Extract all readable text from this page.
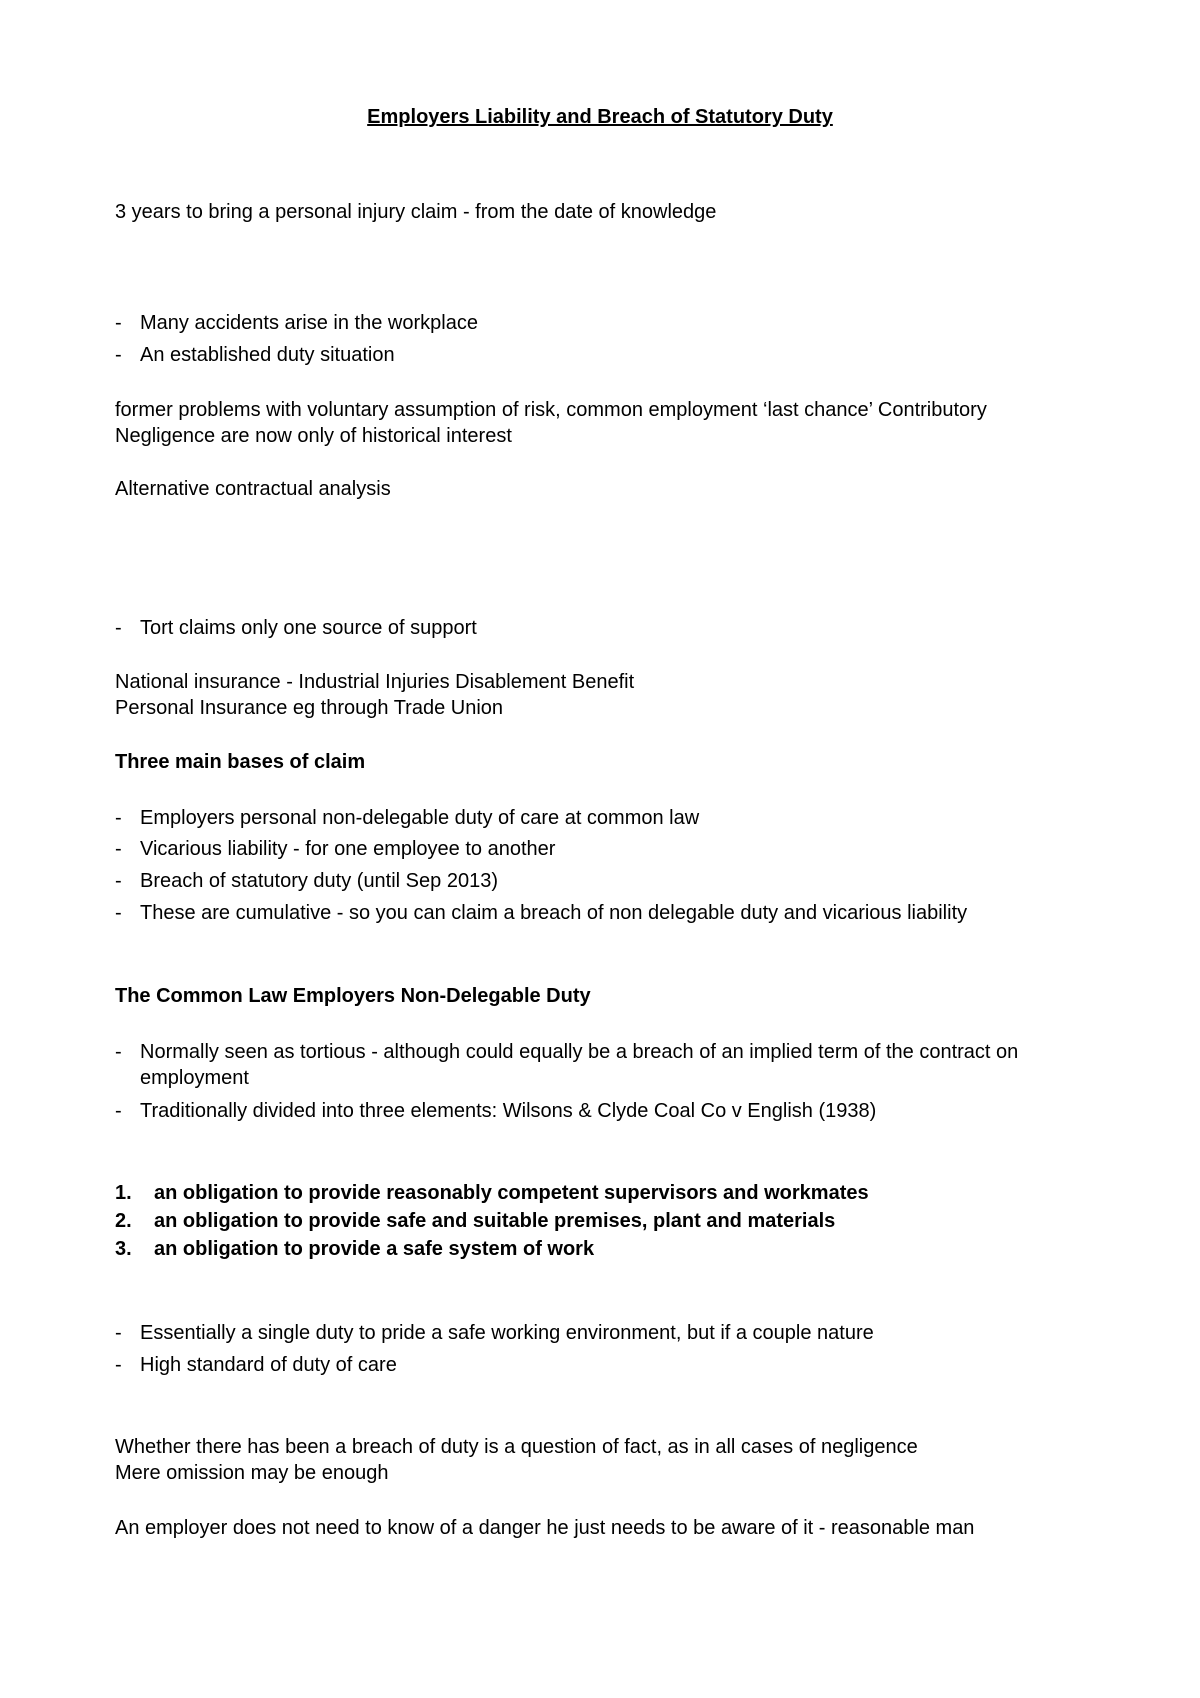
Employers Liability and Breach of Statutory Duty
3 years to bring a personal injury claim - from the date of knowledge
- Many accidents arise in the workplace
- An established duty situation
former problems with voluntary assumption of risk, common employment ‘last chance’ Contributory
Negligence are now only of historical interest
Alternative contractual analysis
- Tort claims only one source of support
National insurance - Industrial Injuries Disablement Benefit
Personal Insurance eg through Trade Union
Three main bases of claim
- Employers personal non-delegable duty of care at common law
- Vicarious liability - for one employee to another
- Breach of statutory duty (until Sep 2013)
- These are cumulative - so you can claim a breach of non delegable duty and vicarious liability
The Common Law Employers Non-Delegable Duty
- Normally seen as tortious - although could equally be a breach of an implied term of the contract on employment
- Traditionally divided into three elements: Wilsons & Clyde Coal Co v English (1938)
1. an obligation to provide reasonably competent supervisors and workmates
2. an obligation to provide safe and suitable premises, plant and materials
3. an obligation to provide a safe system of work
- Essentially a single duty to pride a safe working environment, but if a couple nature
- High standard of duty of care
Whether there has been a breach of duty is a question of fact, as in all cases of negligence
Mere omission may be enough
An employer does not need to know of a danger he just needs to be aware of it - reasonable man
